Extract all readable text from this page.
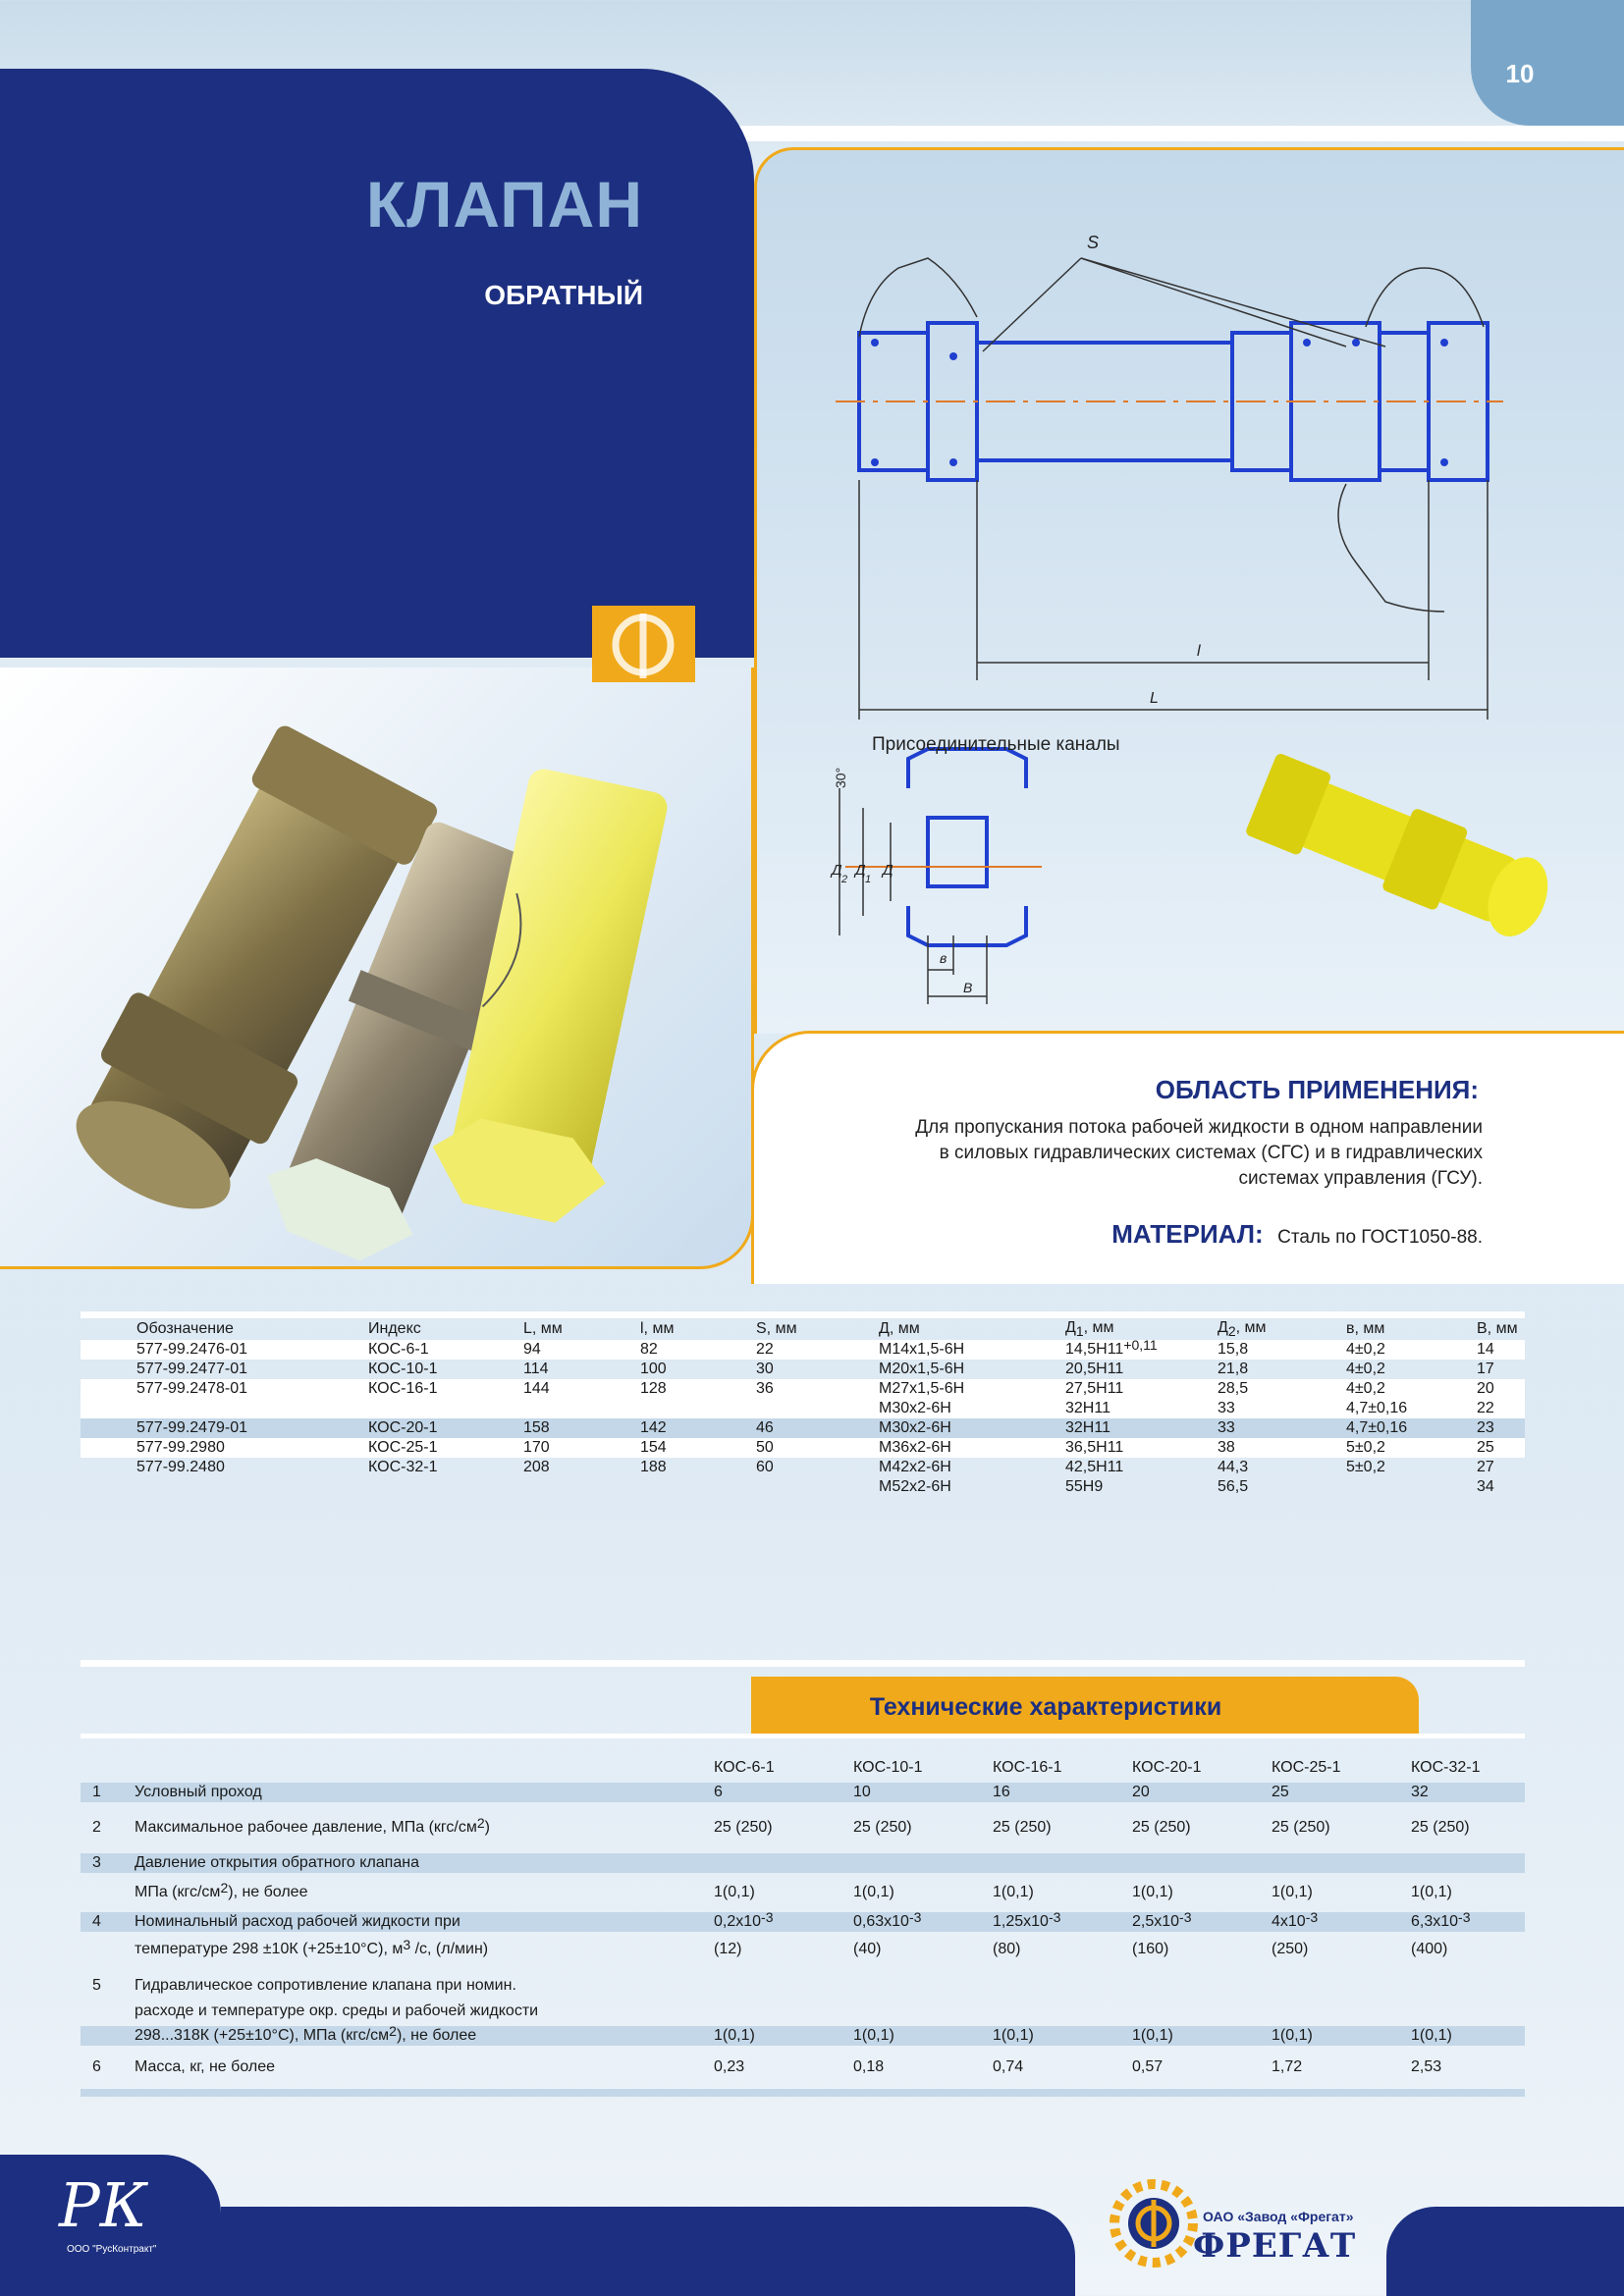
10
КЛАПАН
ОБРАТНЫЙ
S
l
L
30°
в
В
Д
2
Д
1
Д
Присоединительные каналы
ОБЛАСТЬ ПРИМЕНЕНИЯ:
Для пропускания потока рабочей жидкости в одном направлении
в силовых гидравлических системах (СГС) и в гидравлических
системах управления (ГСУ).
МАТЕРИАЛ: Сталь по ГОСТ1050-88.
	Обозначение	Индекс	L, мм	l, мм	S, мм	Д, мм	$Д_1$, мм	$Д_2$, мм	в, мм	В, мм
	577-99.2476-01	КОС-6-1	94	82	22	М14х1,5-6Н	$14,5Н11^{+0,11}$	15,8	4±0,2	14
	577-99.2477-01	КОС-10-1	114	100	30	М20х1,5-6Н	20,5Н11	21,8	4±0,2	17
	577-99.2478-01	КОС-16-1	144	128	36	М27х1,5-6Н	27,5Н11	28,5	4±0,2	20
						М30х2-6Н	32Н11	33	4,7±0,16	22
	577-99.2479-01	КОС-20-1	158	142	46	М30х2-6Н	32Н11	33	4,7±0,16	23
	577-99.2980	КОС-25-1	170	154	50	М36х2-6Н	36,5Н11	38	5±0,2	25
	577-99.2480	КОС-32-1	208	188	60	М42х2-6Н	42,5Н11	44,3	5±0,2	27
						М52х2-6Н	55Н9	56,5		34
Технические характеристики
		КОС-6-1	КОС-10-1	КОС-16-1	КОС-20-1	КОС-25-1	КОС-32-1	
1	Условный проход	6	10	16	20	25	32	
2	Максимальное рабочее давление, МПа $(кгс/см^2)$	25 (250)	25 (250)	25 (250)	25 (250)	25 (250)	25 (250)	
3	Давление открытия обратного клапана							
	МПа $(кгс/см^2)$, не более	1(0,1)	1(0,1)	1(0,1)	1(0,1)	1(0,1)	1(0,1)	
4	Номинальный расход рабочей жидкости при	$0,2х10^{-3}$	$0,63х10^{-3}$	$1,25х10^{-3}$	$2,5х10^{-3}$	$4х10^{-3}$	$6,3х10^{-3}$	
	температуре 298 ±10К (+25±10°С), $м^3$ /с, (л/мин)	(12)	(40)	(80)	(160)	(250)	(400)	
5	Гидравлическое сопротивление клапана при номин.							
	расходе и температуре окр. среды и рабочей жидкости							
	298...318К (+25±10°С), МПа $(кгс/см^2)$, не более	1(0,1)	1(0,1)	1(0,1)	1(0,1)	1(0,1)	1(0,1)	
6	Масса, кг, не более	0,23	0,18	0,74	0,57	1,72	2,53	

РК
ООО "РусКонтракт"
ОАО «Завод «Фрегат»
ФРЕГАТ
